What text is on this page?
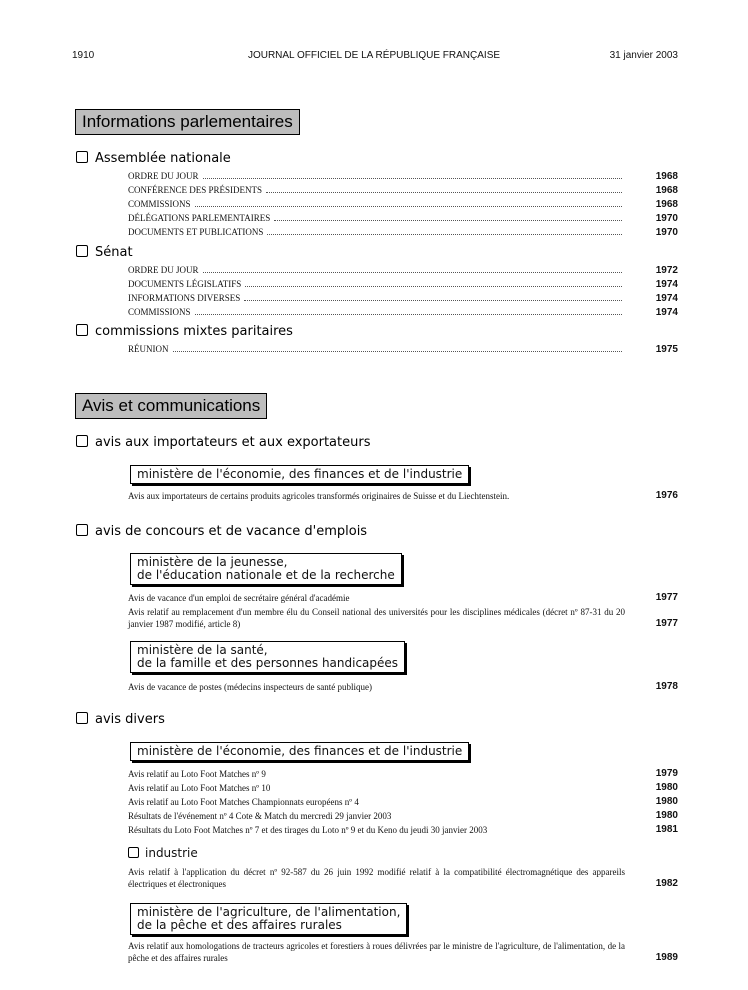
1910	JOURNAL OFFICIEL DE LA RÉPUBLIQUE FRANÇAISE	31 janvier 2003
Informations parlementaires
Assemblée nationale
ORDRE DU JOUR	1968
CONFÉRENCE DES PRÉSIDENTS	1968
COMMISSIONS	1968
DÉLÉGATIONS PARLEMENTAIRES	1970
DOCUMENTS ET PUBLICATIONS	1970
Sénat
ORDRE DU JOUR	1972
DOCUMENTS LÉGISLATIFS	1974
INFORMATIONS DIVERSES	1974
COMMISSIONS	1974
commissions mixtes paritaires
RÉUNION	1975
Avis et communications
avis aux importateurs et aux exportateurs
ministère de l'économie, des finances et de l'industrie
Avis aux importateurs de certains produits agricoles transformés originaires de Suisse et du Liechtenstein.	1976
avis de concours et de vacance d'emplois
ministère de la jeunesse,
de l'éducation nationale et de la recherche
Avis de vacance d'un emploi de secrétaire général d'académie	1977
Avis relatif au remplacement d'un membre élu du Conseil national des universités pour les disciplines médicales (décret nº 87-31 du 20 janvier 1987 modifié, article 8)	1977
ministère de la santé,
de la famille et des personnes handicapées
Avis de vacance de postes (médecins inspecteurs de santé publique)	1978
avis divers
ministère de l'économie, des finances et de l'industrie
Avis relatif au Loto Foot Matches nº 9	1979
Avis relatif au Loto Foot Matches nº 10	1980
Avis relatif au Loto Foot Matches Championnats européens nº 4	1980
Résultats de l'événement nº 4 Cote & Match du mercredi 29 janvier 2003	1980
Résultats du Loto Foot Matches nº 7 et des tirages du Loto nº 9 et du Keno du jeudi 30 janvier 2003	1981
industrie
Avis relatif à l'application du décret nº 92-587 du 26 juin 1992 modifié relatif à la compatibilité électromagnétique des appareils électriques et électroniques	1982
ministère de l'agriculture, de l'alimentation,
de la pêche et des affaires rurales
Avis relatif aux homologations de tracteurs agricoles et forestiers à roues délivrées par le ministre de l'agriculture, de l'alimentation, de la pêche et des affaires rurales	1989
